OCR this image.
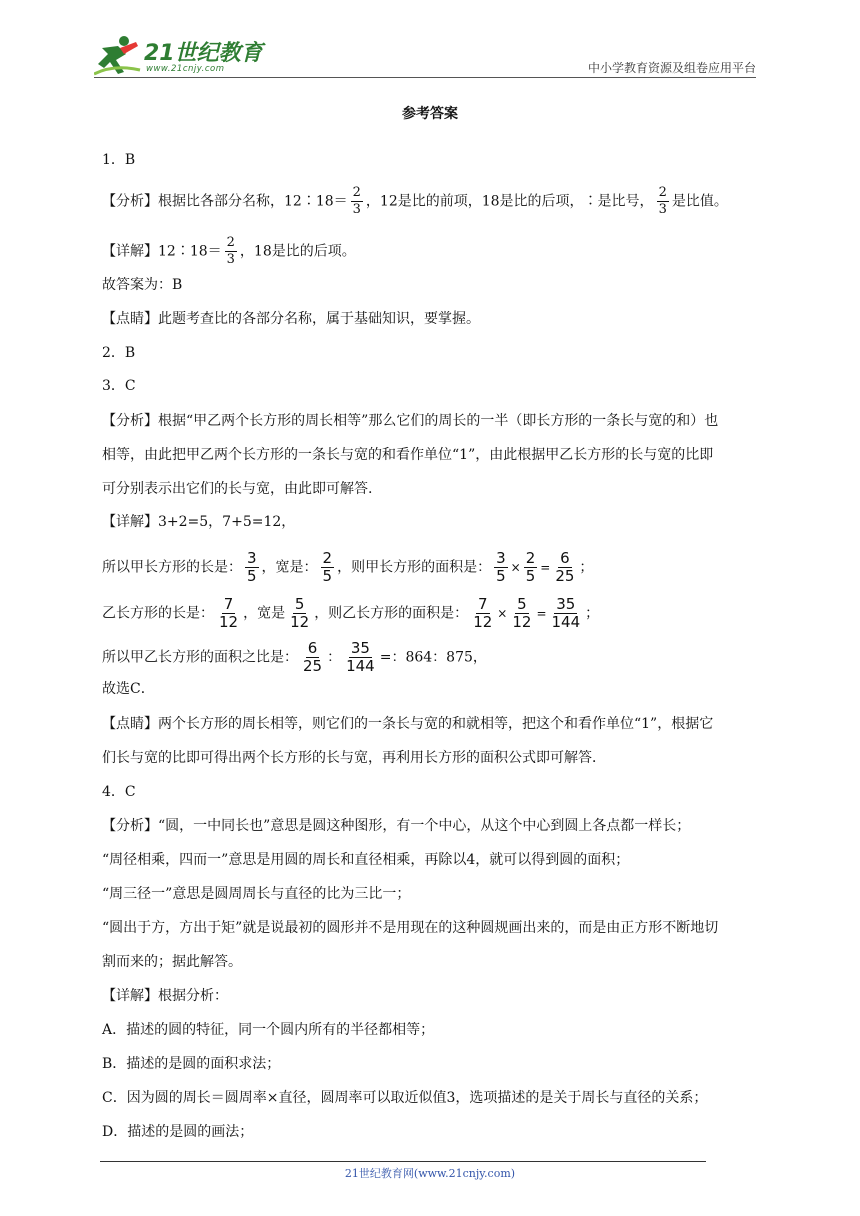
21世纪教育
www.21cnjy.com	中小学教育资源及组卷应用平台
参考答案
1．B
【分析】根据比各部分名称，12∶18＝ $\frac{2}{3}$ ，12是比的前项，18是比的后项，∶是比号， $\frac{2}{3}$ 是比值。
【详解】12∶18＝ $\frac{2}{3}$ ，18是比的后项。
故答案为：B
【点睛】此题考查比的各部分名称，属于基础知识，要掌握。
2．B
3．C
【分析】根据“甲乙两个长方形的周长相等”那么它们的周长的一半（即长方形的一条长与宽的和）也
相等，由此把甲乙两个长方形的一条长与宽的和看作单位“1”，由此根据甲乙长方形的长与宽的比即
可分别表示出它们的长与宽，由此即可解答.
【详解】3+2=5，7+5=12，
所以甲长方形的长是： $\frac{3}{5}$ ，宽是： $\frac{2}{5}$ ，则甲长方形的面积是： $\frac{3}{5} \times \frac{2}{5} = \frac{6}{25}$ ；
乙长方形的长是： $\frac{7}{12}$ ，宽是 $\frac{5}{12}$ ，则乙长方形的面积是： $\frac{7}{12} \times \frac{5}{12} = \frac{35}{144}$ ；
所以甲乙长方形的面积之比是： $\frac{6}{25}$ ： $\frac{35}{144}$ =：864：875，
故选C．
【点睛】两个长方形的周长相等，则它们的一条长与宽的和就相等，把这个和看作单位“1”，根据它
们长与宽的比即可得出两个长方形的长与宽，再利用长方形的面积公式即可解答．
4．C
【分析】“圆，一中同长也”意思是圆这种图形，有一个中心，从这个中心到圆上各点都一样长；
“周径相乘，四而一”意思是用圆的周长和直径相乘，再除以4，就可以得到圆的面积；
“周三径一”意思是圆周周长与直径的比为三比一；
“圆出于方，方出于矩”就是说最初的圆形并不是用现在的这种圆规画出来的，而是由正方形不断地切
割而来的；据此解答。
【详解】根据分析：
A．描述的圆的特征，同一个圆内所有的半径都相等；
B．描述的是圆的面积求法；
C．因为圆的周长＝圆周率×直径，圆周率可以取近似值3，选项描述的是关于周长与直径的关系；
D．描述的是圆的画法；
21世纪教育网(www.21cnjy.com)
